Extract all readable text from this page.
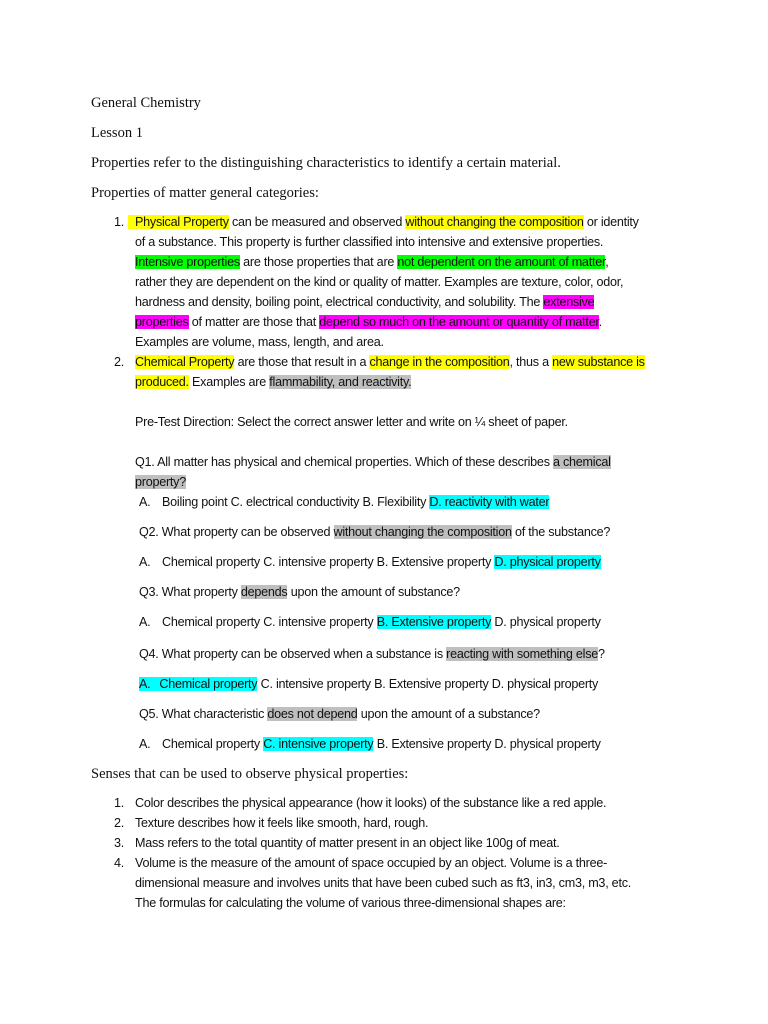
General Chemistry
Lesson 1
Properties refer to the distinguishing characteristics to identify a certain material.
Properties of matter general categories:
1. Physical Property can be measured and observed without changing the composition or identity
of a substance. This property is further classified into intensive and extensive properties.
Intensive properties are those properties that are not dependent on the amount of matter,
rather they are dependent on the kind or quality of matter. Examples are texture, color, odor,
hardness and density, boiling point, electrical conductivity, and solubility. The extensive
properties of matter are those that depend so much on the amount or quantity of matter.
Examples are volume, mass, length, and area.
2. Chemical Property are those that result in a change in the composition, thus a new substance is
produced. Examples are flammability, and reactivity.
Pre-Test Direction: Select the correct answer letter and write on ¼ sheet of paper.
Q1. All matter has physical and chemical properties. Which of these describes a chemical
property?
A. Boiling point C. electrical conductivity B. Flexibility D. reactivity with water
Q2. What property can be observed without changing the composition of the substance?
A. Chemical property C. intensive property B. Extensive property D. physical property
Q3. What property depends upon the amount of substance?
A. Chemical property C. intensive property B. Extensive property D. physical property
Q4. What property can be observed when a substance is reacting with something else?
A. Chemical property C. intensive property B. Extensive property D. physical property
Q5. What characteristic does not depend upon the amount of a substance?
A. Chemical property C. intensive property B. Extensive property D. physical property
Senses that can be used to observe physical properties:
1. Color describes the physical appearance (how it looks) of the substance like a red apple.
2. Texture describes how it feels like smooth, hard, rough.
3. Mass refers to the total quantity of matter present in an object like 100g of meat.
4. Volume is the measure of the amount of space occupied by an object. Volume is a three-
dimensional measure and involves units that have been cubed such as ft3, in3, cm3, m3, etc.
The formulas for calculating the volume of various three-dimensional shapes are:
